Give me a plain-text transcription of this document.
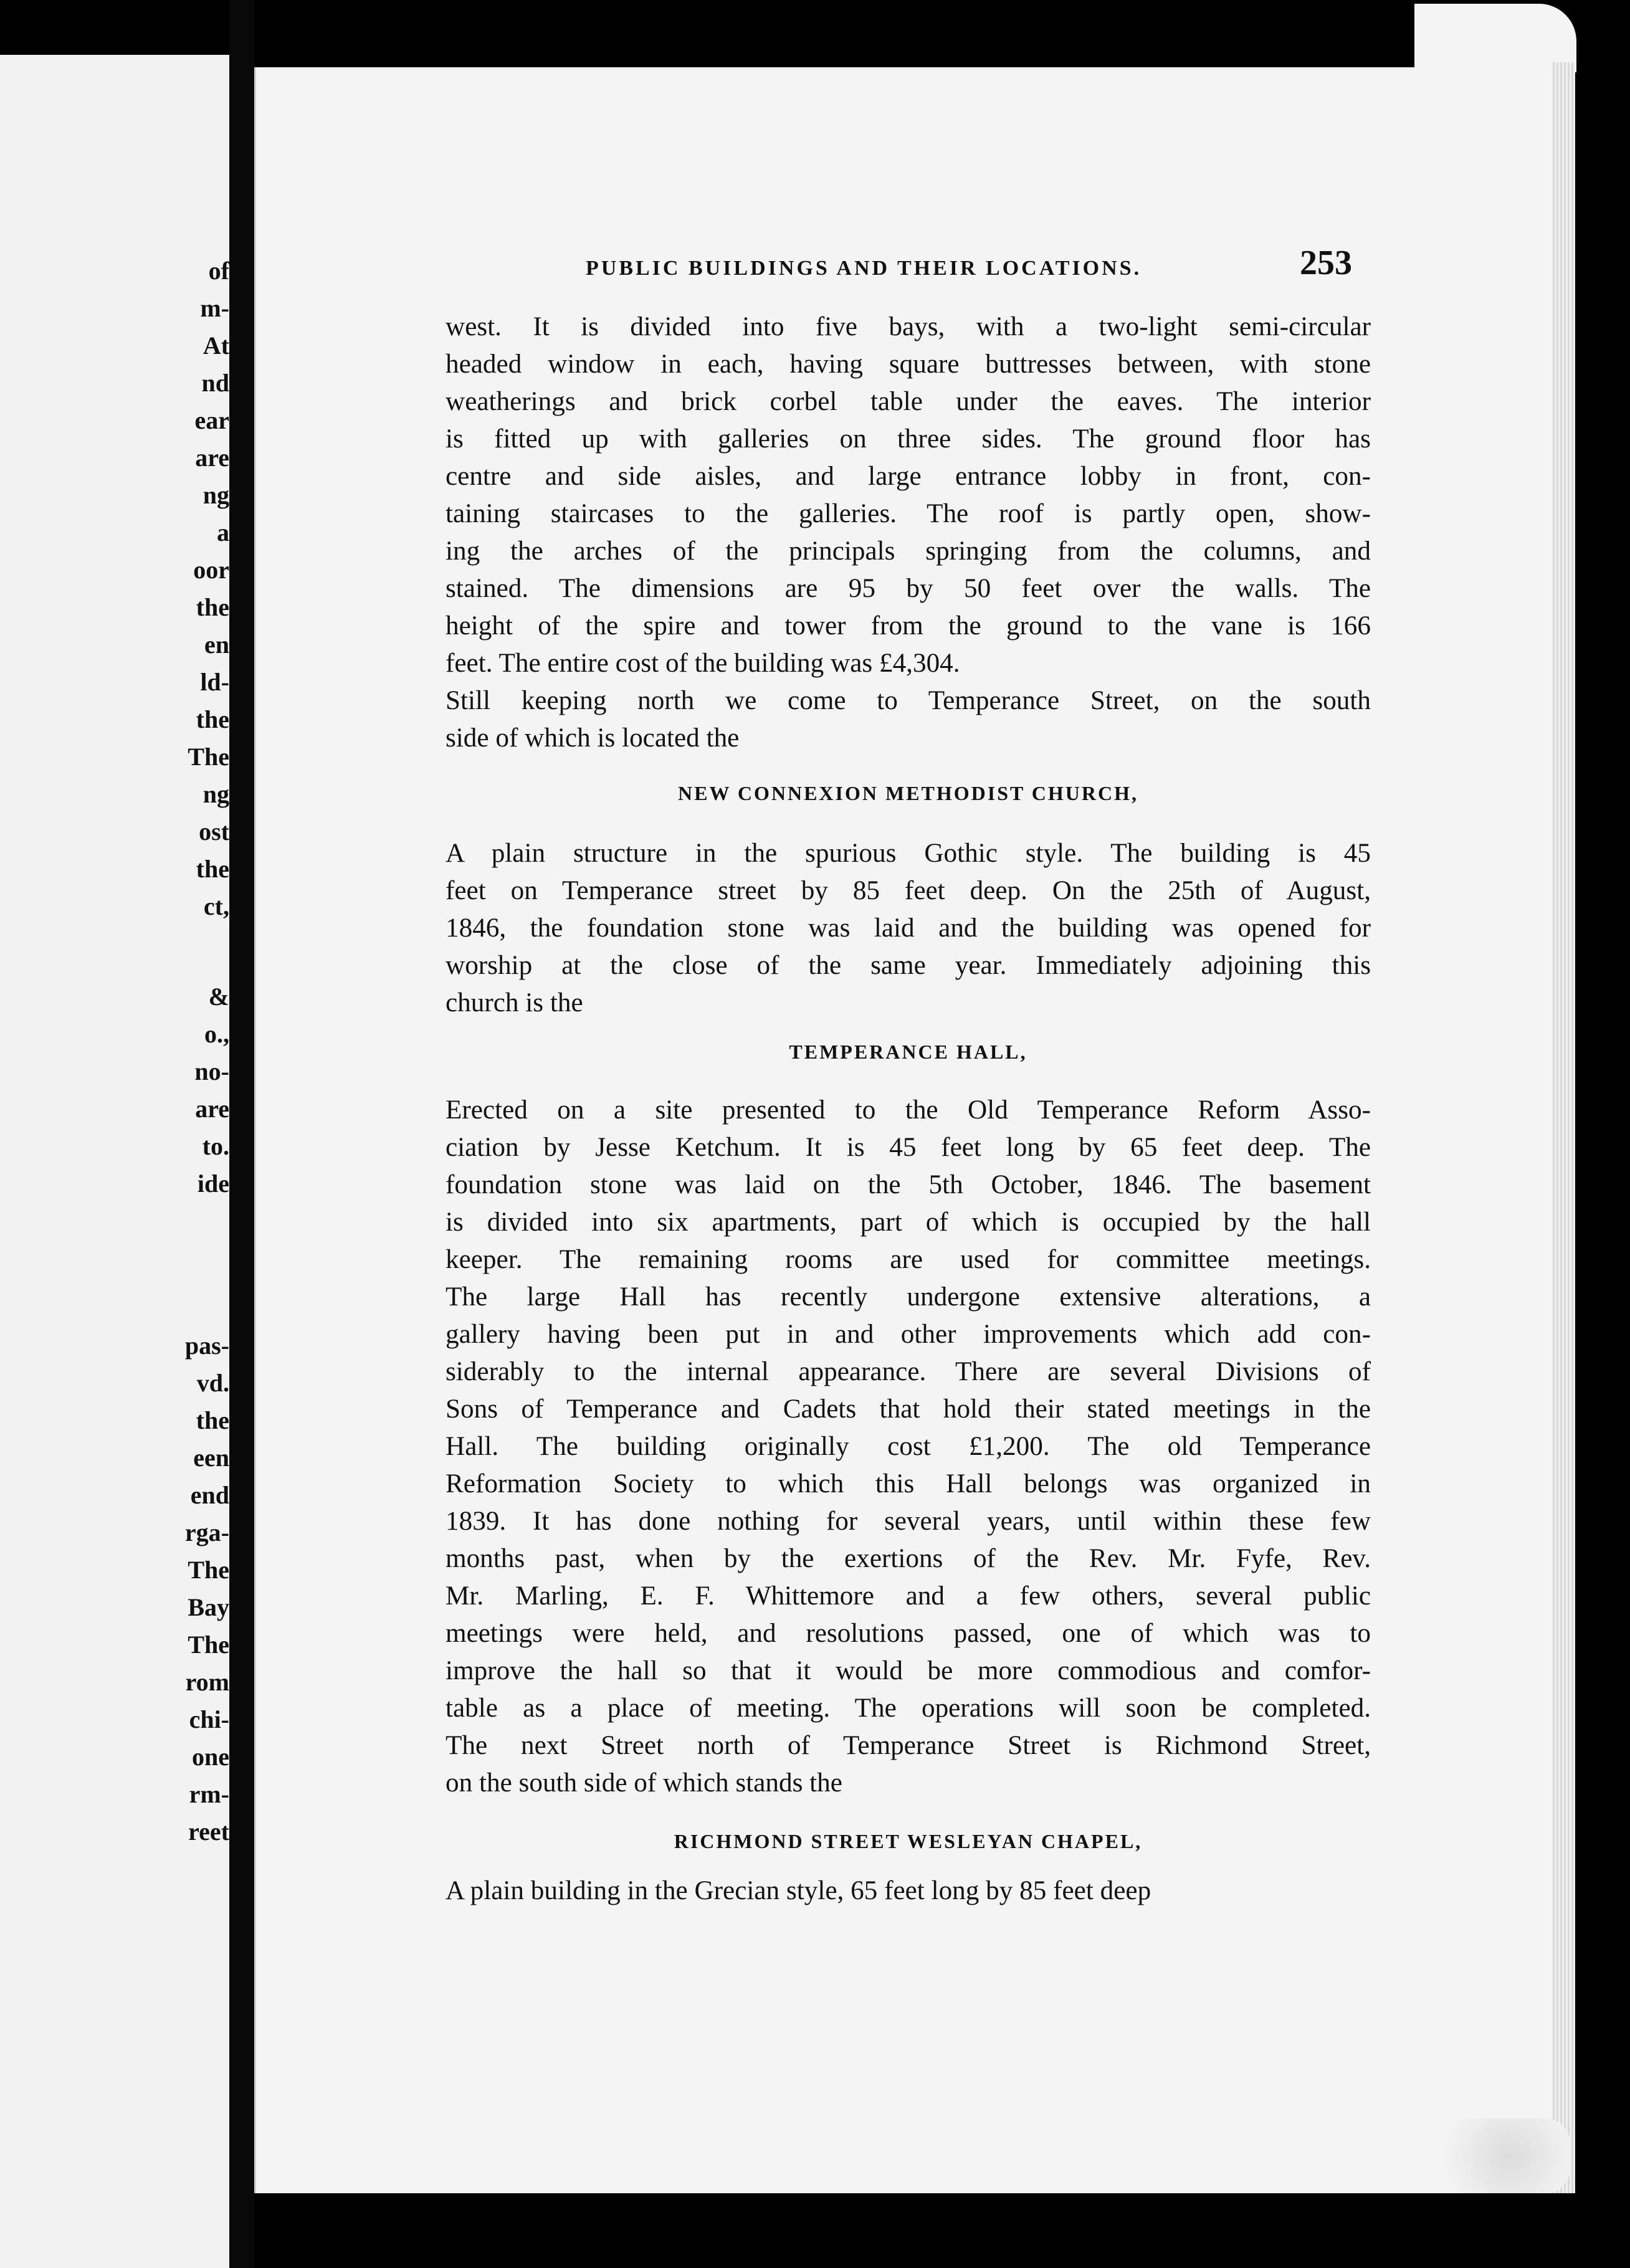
of
m-
At
nd
ear
are
ng
a
oor
the
en
ld-
the
The
ng
ost
the
ct,
&
o.,
no-
are
to.
ide
pas-
vd.
the
een
end
rga-
The
Bay
The
rom
chi-
one
rm-
reet
PUBLIC BUILDINGS AND THEIR LOCATIONS.	253
west. It is divided into five bays, with a two-light semi-circular
headed window in each, having square buttresses between, with stone
weatherings and brick corbel table under the eaves. The interior
is fitted up with galleries on three sides. The ground floor has
centre and side aisles, and large entrance lobby in front, con-
taining staircases to the galleries. The roof is partly open, show-
ing the arches of the principals springing from the columns, and
stained. The dimensions are 95 by 50 feet over the walls. The
height of the spire and tower from the ground to the vane is 166
feet. The entire cost of the building was £4,304.
Still keeping north we come to Temperance Street, on the south
side of which is located the
NEW CONNEXION METHODIST CHURCH,
A plain structure in the spurious Gothic style. The building is 45
feet on Temperance street by 85 feet deep. On the 25th of August,
1846, the foundation stone was laid and the building was opened for
worship at the close of the same year. Immediately adjoining this
church is the
TEMPERANCE HALL,
Erected on a site presented to the Old Temperance Reform Asso-
ciation by Jesse Ketchum. It is 45 feet long by 65 feet deep. The
foundation stone was laid on the 5th October, 1846. The basement
is divided into six apartments, part of which is occupied by the hall
keeper. The remaining rooms are used for committee meetings.
The large Hall has recently undergone extensive alterations, a
gallery having been put in and other improvements which add con-
siderably to the internal appearance. There are several Divisions of
Sons of Temperance and Cadets that hold their stated meetings in the
Hall. The building originally cost £1,200. The old Temperance
Reformation Society to which this Hall belongs was organized in
1839. It has done nothing for several years, until within these few
months past, when by the exertions of the Rev. Mr. Fyfe, Rev.
Mr. Marling, E. F. Whittemore and a few others, several public
meetings were held, and resolutions passed, one of which was to
improve the hall so that it would be more commodious and comfor-
table as a place of meeting. The operations will soon be completed.
The next Street north of Temperance Street is Richmond Street,
on the south side of which stands the
RICHMOND STREET WESLEYAN CHAPEL,
A plain building in the Grecian style, 65 feet long by 85 feet deep
